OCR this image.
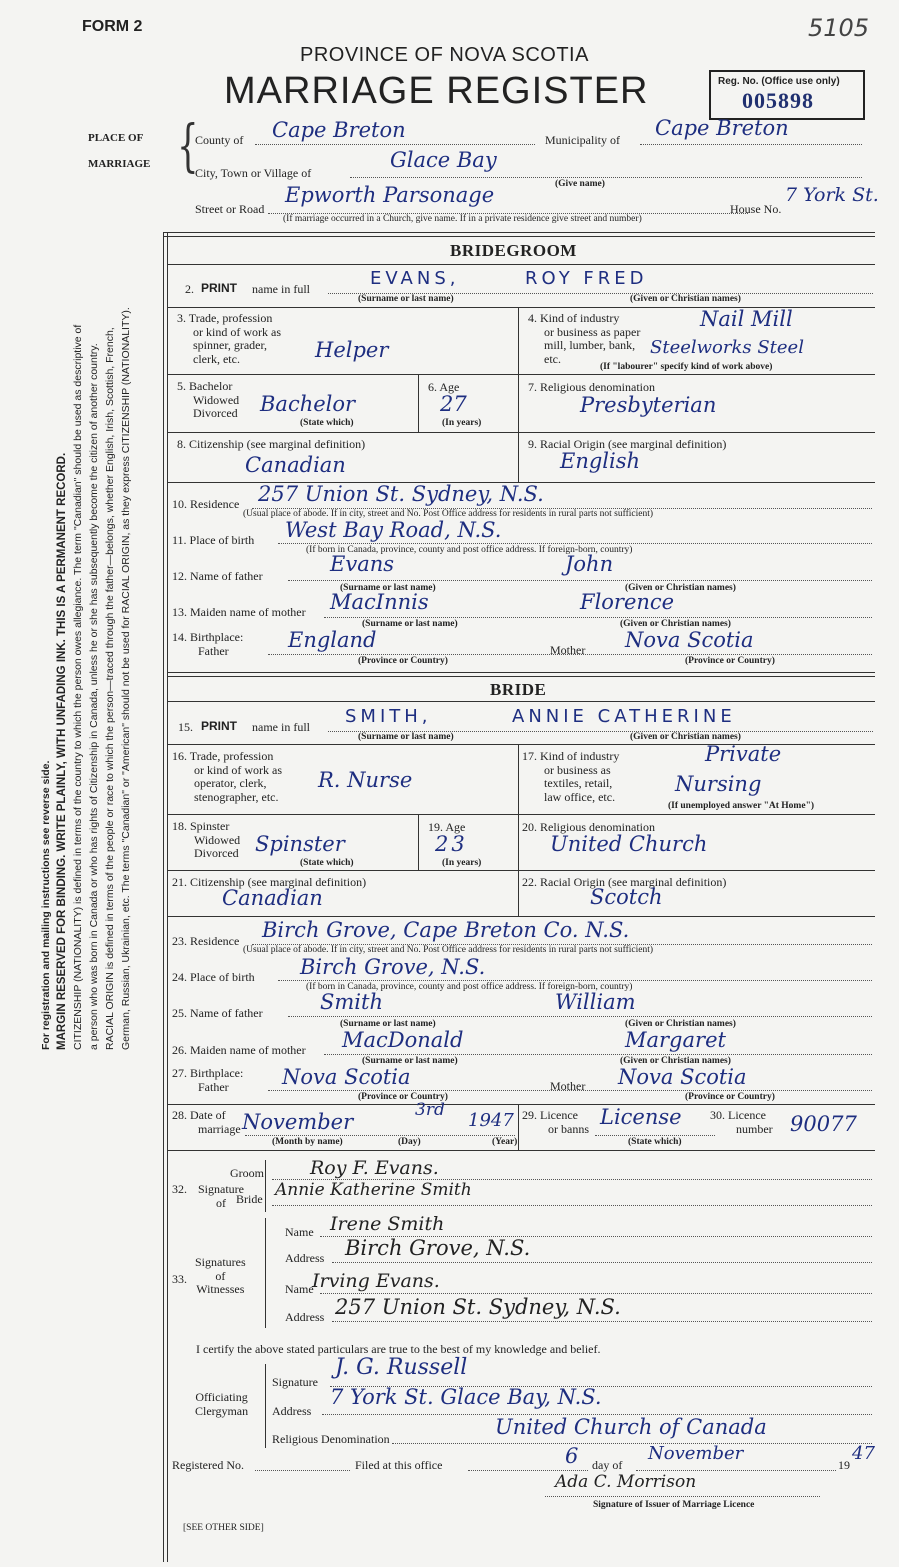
FORM 2	5105
PROVINCE OF NOVA SCOTIA
MARRIAGE REGISTER	Reg. No. (Office use only)
005898
For registration and mailing instructions see reverse side. MARGIN RESERVED FOR BINDING. WRITE PLAINLY, WITH UNFADING INK. THIS IS A PERMANENT RECORD. CITIZENSHIP (NATIONALITY) is defined in terms of the country to which the person owes allegiance. The term "Canadian" should be used as descriptive of a person who was born in Canada or who has rights of Citizenship in Canada, unless he or she has subsequently become the citizen of another country. RACIAL ORIGIN is defined in terms of the people or race to which the person—traced through the father—belongs, whether English, Irish, Scottish, French, German, Russian, Ukrainian, etc. The terms "Canadian" or "American" should not be used for RACIAL ORIGIN, as they express CITIZENSHIP (NATIONALITY).
PLACE OF
MARRIAGE {
County of Cape Breton	Municipality of Cape Breton
City, Town or Village of
Glace Bay
(Give name)
Street or Road
Epworth Parsonage
House No.
7 York St.
(If marriage occurred in a Church, give name. If in a private residence give street and number)
BRIDEGROOM
2. PRINT name in full	EVANS,	ROY FRED
(Surname or last name)	(Given or Christian names)
3. Trade, profession
or kind of work as
spinner, grader,
clerk, etc.	Helper
4. Kind of industry
or business as paper
mill, lumber, bank,
etc.
Nail Mill
Steelworks Steel
(If "labourer" specify kind of work above)
5. Bachelor
Widowed
Divorced Bachelor
(State which)
6. Age
27
(In years)
7. Religious denomination
Presbyterian
8. Citizenship (see marginal definition)
Canadian
9. Racial Origin (see marginal definition)
English
10. Residence 257 Union St. Sydney, N.S.
(Usual place of abode. If in city, street and No. Post Office address for residents in rural parts not sufficient)
11. Place of birth West Bay Road, N.S.
(If born in Canada, province, county and post office address. If foreign-born, country)
12. Name of father	Evans	John
(Surname or last name)	(Given or Christian names)
13. Maiden name of mother MacInnis	Florence
(Surname or last name)	(Given or Christian names)
14. Birthplace:
Father	England	Mother Nova Scotia
(Province or Country)	(Province or Country)
BRIDE
15. PRINT name in full SMITH,	ANNIE CATHERINE
(Surname or last name)	(Given or Christian names)
16. Trade, profession
or kind of work as
operator, clerk,
stenographer, etc.
R. Nurse
17. Kind of industry
or business as
textiles, retail,
law office, etc.
Private
Nursing
(If unemployed answer "At Home")
18. Spinster
Widowed
Divorced Spinster
(State which)
19. Age
23
(In years)
20. Religious denomination
United Church
21. Citizenship (see marginal definition)
Canadian
22. Racial Origin (see marginal definition)
Scotch
23. Residence Birch Grove, Cape Breton Co. N.S.
(Usual place of abode. If in city, street and No. Post Office address for residents in rural parts not sufficient)
24. Place of birth Birch Grove, N.S.
(If born in Canada, province, county and post office address. If foreign-born, country)
25. Name of father	Smith	William
(Surname or last name)	(Given or Christian names)
26. Maiden name of mother MacDonald	Margaret
(Surname or last name)	(Given or Christian names)
27. Birthplace:
Father	Nova Scotia	Mother Nova Scotia
(Province or Country)	(Province or Country)
28. Date of
marriage November	3rd 1947
(Month by name)	(Day)	(Year)
29. Licence
or banns License
(State which)
30. Licence
number 90077
32. Signature
of
Groom Roy F. Evans.
Bride Annie Katherine Smith
33.
Signatures
of
Witnesses
Name Irene Smith
Address Birch Grove, N.S.
Name
Irving Evans.
Address 257 Union St. Sydney, N.S.
I certify the above stated particulars are true to the best of my knowledge and belief.
Officiating
Clergyman
Signature
J. G. Russell
Address
7 York St. Glace Bay, N.S.
Religious Denomination	United Church of Canada
Registered No.	Filed at this office	6 day of
November
19
47
Ada C. Morrison
Signature of Issuer of Marriage Licence
[SEE OTHER SIDE]
